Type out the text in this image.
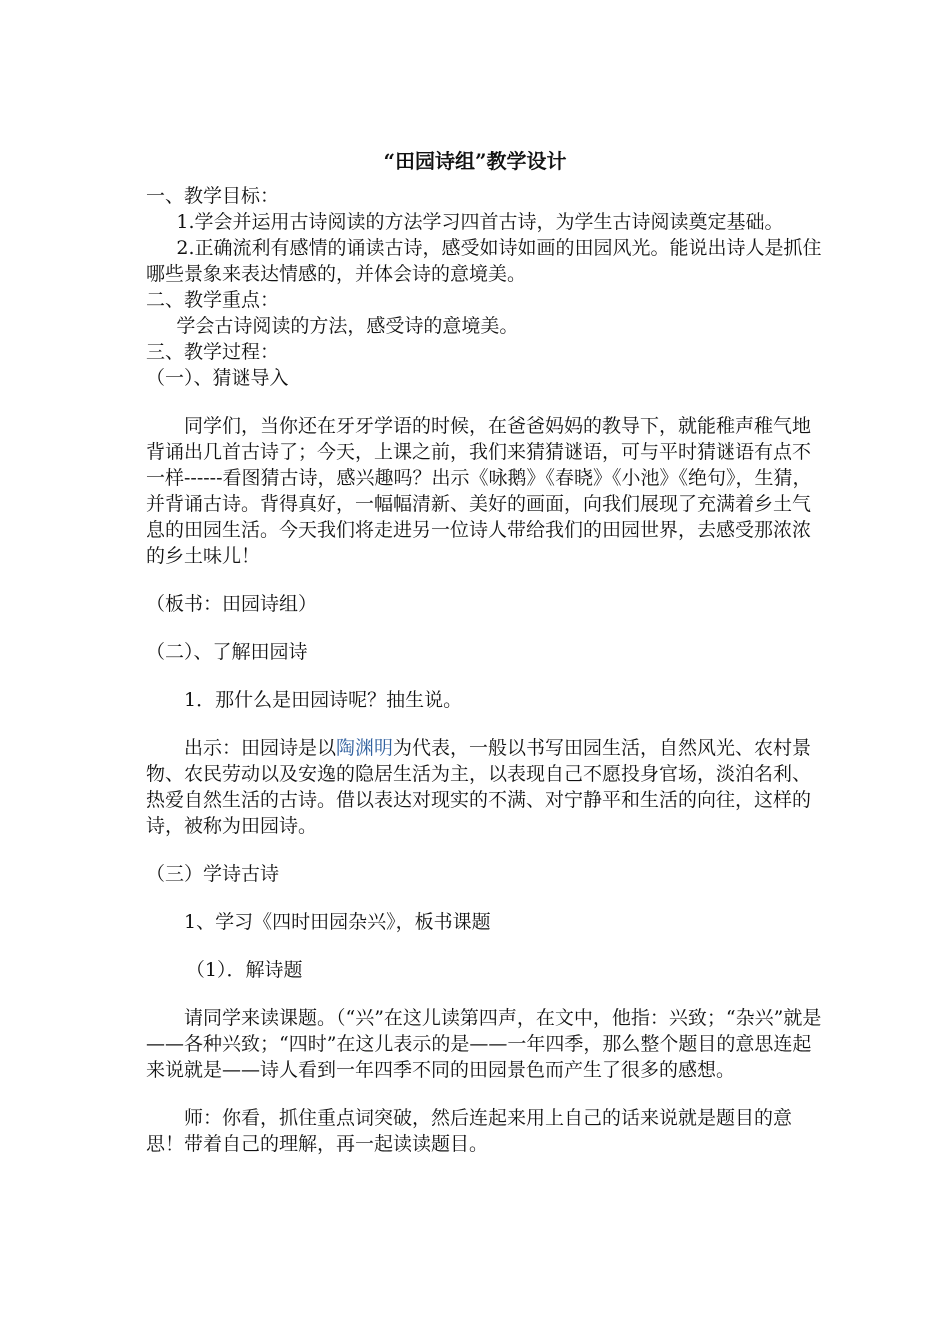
“田园诗组”教学设计

一、教学目标：

1.学会并运用古诗阅读的方法学习四首古诗，为学生古诗阅读奠定基础。

2.正确流利有感情的诵读古诗，感受如诗如画的田园风光。能说出诗人是抓住哪些景象来表达情感的，并体会诗的意境美。

二、教学重点：

学会古诗阅读的方法，感受诗的意境美。

三、教学过程：

（一）、猜谜导入

同学们，当你还在牙牙学语的时候，在爸爸妈妈的教导下，就能稚声稚气地背诵出几首古诗了；今天，上课之前，我们来猜猜谜语，可与平时猜谜语有点不一样------看图猜古诗，感兴趣吗？出示《咏鹅》《春晓》《小池》《绝句》，生猜，并背诵古诗。背得真好，一幅幅清新、美好的画面，向我们展现了充满着乡土气息的田园生活。今天我们将走进另一位诗人带给我们的田园世界，去感受那浓浓的乡土味儿！

（板书：田园诗组）

（二）、了解田园诗

1．那什么是田园诗呢？抽生说。

出示：田园诗是以陶渊明为代表，一般以书写田园生活，自然风光、农村景物、农民劳动以及安逸的隐居生活为主，以表现自己不愿投身官场，淡泊名利、热爱自然生活的古诗。借以表达对现实的不满、对宁静平和生活的向往，这样的诗，被称为田园诗。

（三）学诗古诗

1、学习《四时田园杂兴》，板书课题

（1）．解诗题

请同学来读课题。（“兴”在这儿读第四声，在文中，他指：兴致；“杂兴”就是——各种兴致；“四时”在这儿表示的是——一年四季，那么整个题目的意思连起来说就是——诗人看到一年四季不同的田园景色而产生了很多的感想。

师：你看，抓住重点词突破，然后连起来用上自己的话来说就是题目的意思！带着自己的理解，再一起读读题目。
